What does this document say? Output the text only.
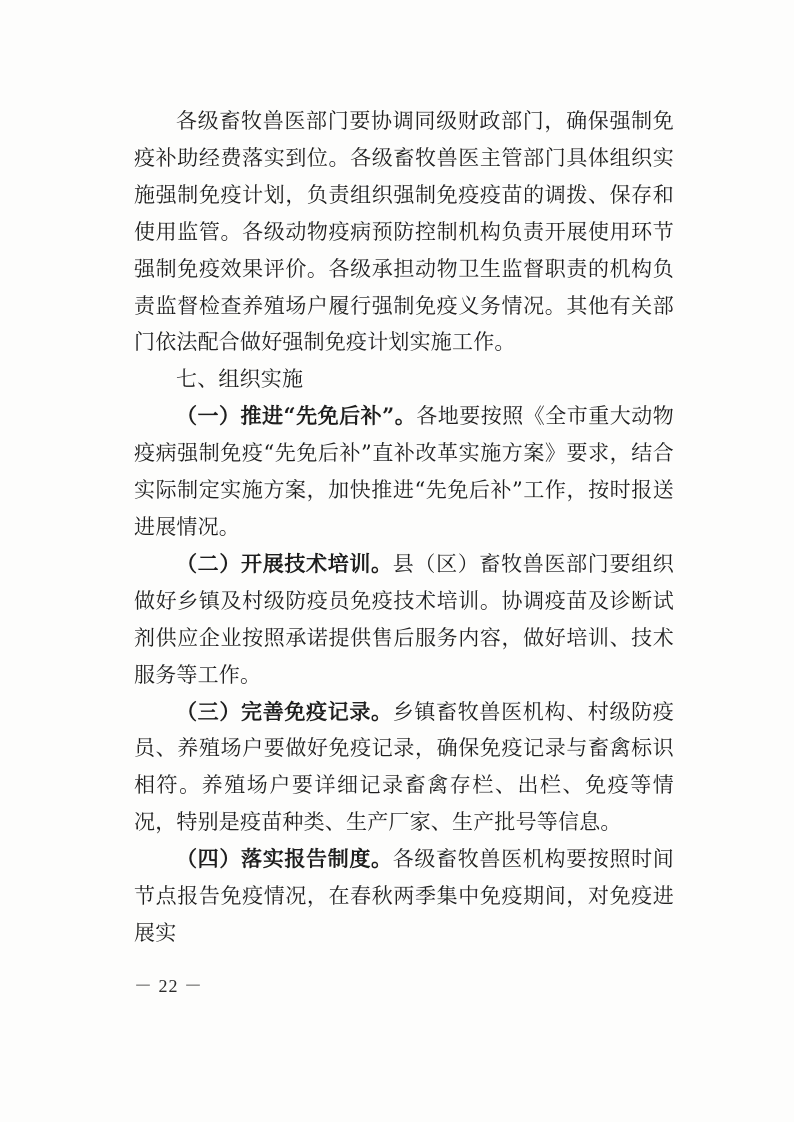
各级畜牧兽医部门要协调同级财政部门，确保强制免疫补助经费落实到位。各级畜牧兽医主管部门具体组织实施强制免疫计划，负责组织强制免疫疫苗的调拨、保存和使用监管。各级动物疫病预防控制机构负责开展使用环节强制免疫效果评价。各级承担动物卫生监督职责的机构负责监督检查养殖场户履行强制免疫义务情况。其他有关部门依法配合做好强制免疫计划实施工作。

七、组织实施

（一）推进“先免后补”。各地要按照《全市重大动物疫病强制免疫“先免后补”直补改革实施方案》要求，结合实际制定实施方案，加快推进“先免后补”工作，按时报送进展情况。

（二）开展技术培训。县（区）畜牧兽医部门要组织做好乡镇及村级防疫员免疫技术培训。协调疫苗及诊断试剂供应企业按照承诺提供售后服务内容，做好培训、技术服务等工作。

（三）完善免疫记录。乡镇畜牧兽医机构、村级防疫员、养殖场户要做好免疫记录，确保免疫记录与畜禽标识相符。养殖场户要详细记录畜禽存栏、出栏、免疫等情况，特别是疫苗种类、生产厂家、生产批号等信息。

（四）落实报告制度。各级畜牧兽医机构要按照时间节点报告免疫情况，在春秋两季集中免疫期间，对免疫进展实

－ 22 －
